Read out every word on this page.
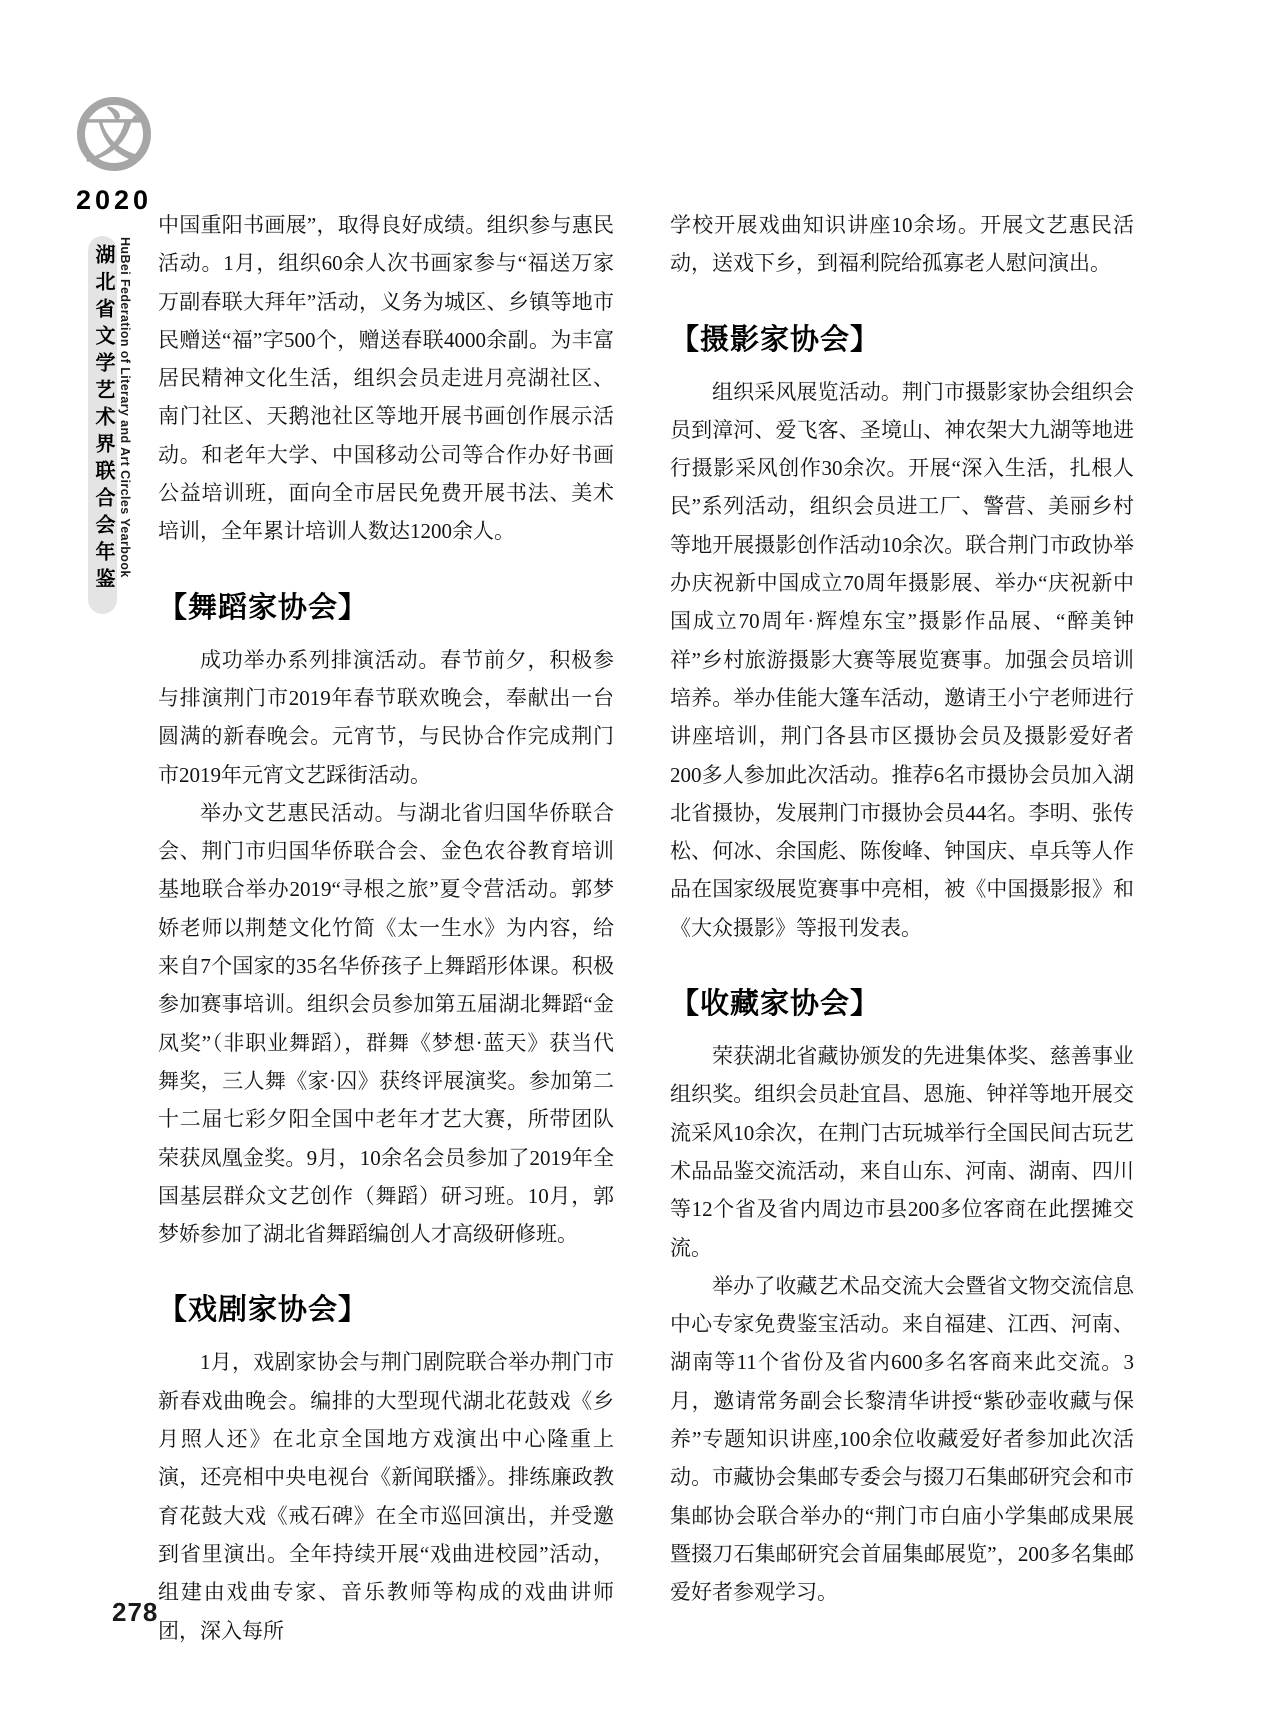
文
2020
湖北省文学艺术界联合会年鉴 HuBei Federation of Literary and Art Circles Yearbook
278

中国重阳书画展”，取得良好成绩。组织参与惠民活动。1月，组织60余人次书画家参与“福送万家万副春联大拜年”活动，义务为城区、乡镇等地市民赠送“福”字500个，赠送春联4000余副。为丰富居民精神文化生活，组织会员走进月亮湖社区、南门社区、天鹅池社区等地开展书画创作展示活动。和老年大学、中国移动公司等合作办好书画公益培训班，面向全市居民免费开展书法、美术培训，全年累计培训人数达1200余人。

【舞蹈家协会】

成功举办系列排演活动。春节前夕，积极参与排演荆门市2019年春节联欢晚会，奉献出一台圆满的新春晚会。元宵节，与民协合作完成荆门市2019年元宵文艺踩街活动。

举办文艺惠民活动。与湖北省归国华侨联合会、荆门市归国华侨联合会、金色农谷教育培训基地联合举办2019“寻根之旅”夏令营活动。郭梦娇老师以荆楚文化竹简《太一生水》为内容，给来自7个国家的35名华侨孩子上舞蹈形体课。积极参加赛事培训。组织会员参加第五届湖北舞蹈“金凤奖”（非职业舞蹈），群舞《梦想·蓝天》获当代舞奖，三人舞《家·囚》获终评展演奖。参加第二十二届七彩夕阳全国中老年才艺大赛，所带团队荣获凤凰金奖。9月，10余名会员参加了2019年全国基层群众文艺创作（舞蹈）研习班。10月，郭梦娇参加了湖北省舞蹈编创人才高级研修班。

【戏剧家协会】

1月，戏剧家协会与荆门剧院联合举办荆门市新春戏曲晚会。编排的大型现代湖北花鼓戏《乡月照人还》在北京全国地方戏演出中心隆重上演，还亮相中央电视台《新闻联播》。排练廉政教育花鼓大戏《戒石碑》在全市巡回演出，并受邀到省里演出。全年持续开展“戏曲进校园”活动，组建由戏曲专家、音乐教师等构成的戏曲讲师团，深入每所

学校开展戏曲知识讲座10余场。开展文艺惠民活动，送戏下乡，到福利院给孤寡老人慰问演出。

【摄影家协会】

组织采风展览活动。荆门市摄影家协会组织会员到漳河、爱飞客、圣境山、神农架大九湖等地进行摄影采风创作30余次。开展“深入生活，扎根人民”系列活动，组织会员进工厂、警营、美丽乡村等地开展摄影创作活动10余次。联合荆门市政协举办庆祝新中国成立70周年摄影展、举办“庆祝新中国成立70周年·辉煌东宝”摄影作品展、“醉美钟祥”乡村旅游摄影大赛等展览赛事。加强会员培训培养。举办佳能大篷车活动，邀请王小宁老师进行讲座培训，荆门各县市区摄协会员及摄影爱好者200多人参加此次活动。推荐6名市摄协会员加入湖北省摄协，发展荆门市摄协会员44名。李明、张传松、何冰、余国彪、陈俊峰、钟国庆、卓兵等人作品在国家级展览赛事中亮相，被《中国摄影报》和《大众摄影》等报刊发表。

【收藏家协会】

荣获湖北省藏协颁发的先进集体奖、慈善事业组织奖。组织会员赴宜昌、恩施、钟祥等地开展交流采风10余次，在荆门古玩城举行全国民间古玩艺术品品鉴交流活动，来自山东、河南、湖南、四川等12个省及省内周边市县200多位客商在此摆摊交流。

举办了收藏艺术品交流大会暨省文物交流信息中心专家免费鉴宝活动。来自福建、江西、河南、湖南等11个省份及省内600多名客商来此交流。3月，邀请常务副会长黎清华讲授“紫砂壶收藏与保养”专题知识讲座,100余位收藏爱好者参加此次活动。市藏协会集邮专委会与掇刀石集邮研究会和市集邮协会联合举办的“荆门市白庙小学集邮成果展暨掇刀石集邮研究会首届集邮展览”，200多名集邮爱好者参观学习。
